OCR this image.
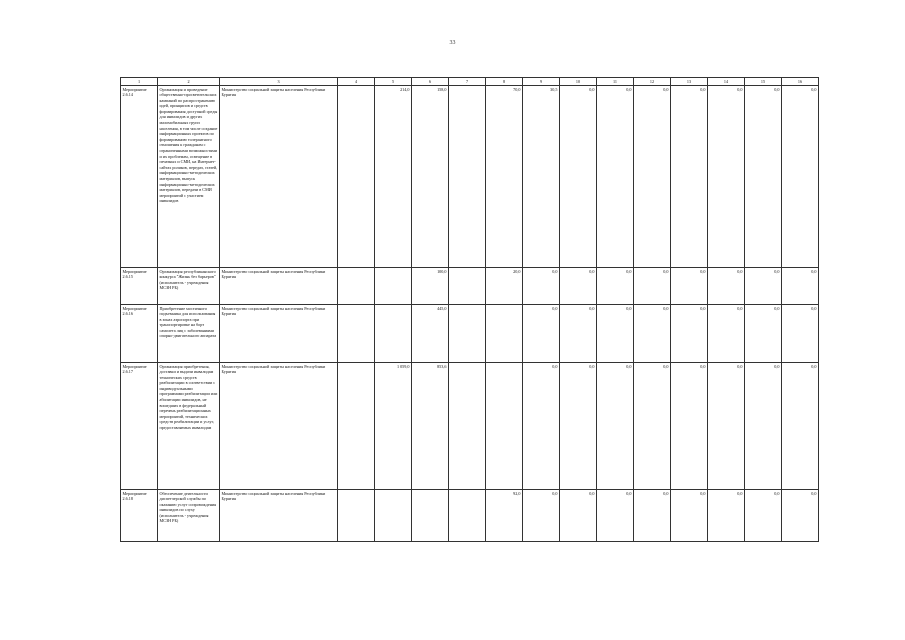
33
1	2	3	4	5	6	7	8	9	10	11	12	13	14	15	16
Мероприятие 2.6.14	Организация и проведение общественно-просветительских кампаний по распространению идей, принципов и средств формирования доступной среды для инвалидов и других маломобильных групп населения, в том числе создание информационных проектов по формированию толерантного отношения к гражданам с ограниченными возможностями и их проблемам, освещение в печатных и СМИ, на Интернет-сайтах роликов, передач, статей, информационно-методических материалов, выпуск информационно-методических материалов, передачи в СМИ мероприятий с участием инвалидов	Министерство социальной защиты населения Республики Бурятия		214,0	158,0		70,0	30,5	0,0	0,0	0,0	0,0	0,0	0,0	0,0
Мероприятие 2.6.15	Организация республиканского конкурса "Жизнь без барьеров" (исполнитель - учреждения МСЗН РБ)	Министерство социальной защиты населения Республики Бурятия			100,0		20,0	0,0	0,0	0,0	0,0	0,0	0,0	0,0	0,0
Мероприятие 2.6.16	Приобретение мостичного подъемника для использования в зонах аэропорта при транспортировке на борт самолета лиц с заболеваниями опорно-двигательного аппарата	Министерство социальной защиты населения Республики Бурятия			445,0			0,0	0,0	0,0	0,0	0,0	0,0	0,0	0,0
Мероприятие 2.6.17	Организация приобретения, доставки и выдачи инвалидам технических средств реабилитации в соответствии с индивидуальными программами реабилитации или абилитации инвалидов, не вошедших в федеральный перечень реабилитационных мероприятий, технических средств реабилитации и услуг, предоставляемых инвалидам	Министерство социальной защиты населения Республики Бурятия		1 059,0	853,6			0,0	0,0	0,0	0,0	0,0	0,0	0,0	0,0
Мероприятие 2.6.18	Обеспечение деятельности диспетчерской службы по оказанию услуг сопровождения инвалидов по слуху (исполнитель - учреждения МСЗН РБ)	Министерство социальной защиты населения Республики Бурятия					92,0	0,0	0,0	0,0	0,0	0,0	0,0	0,0	0,0
